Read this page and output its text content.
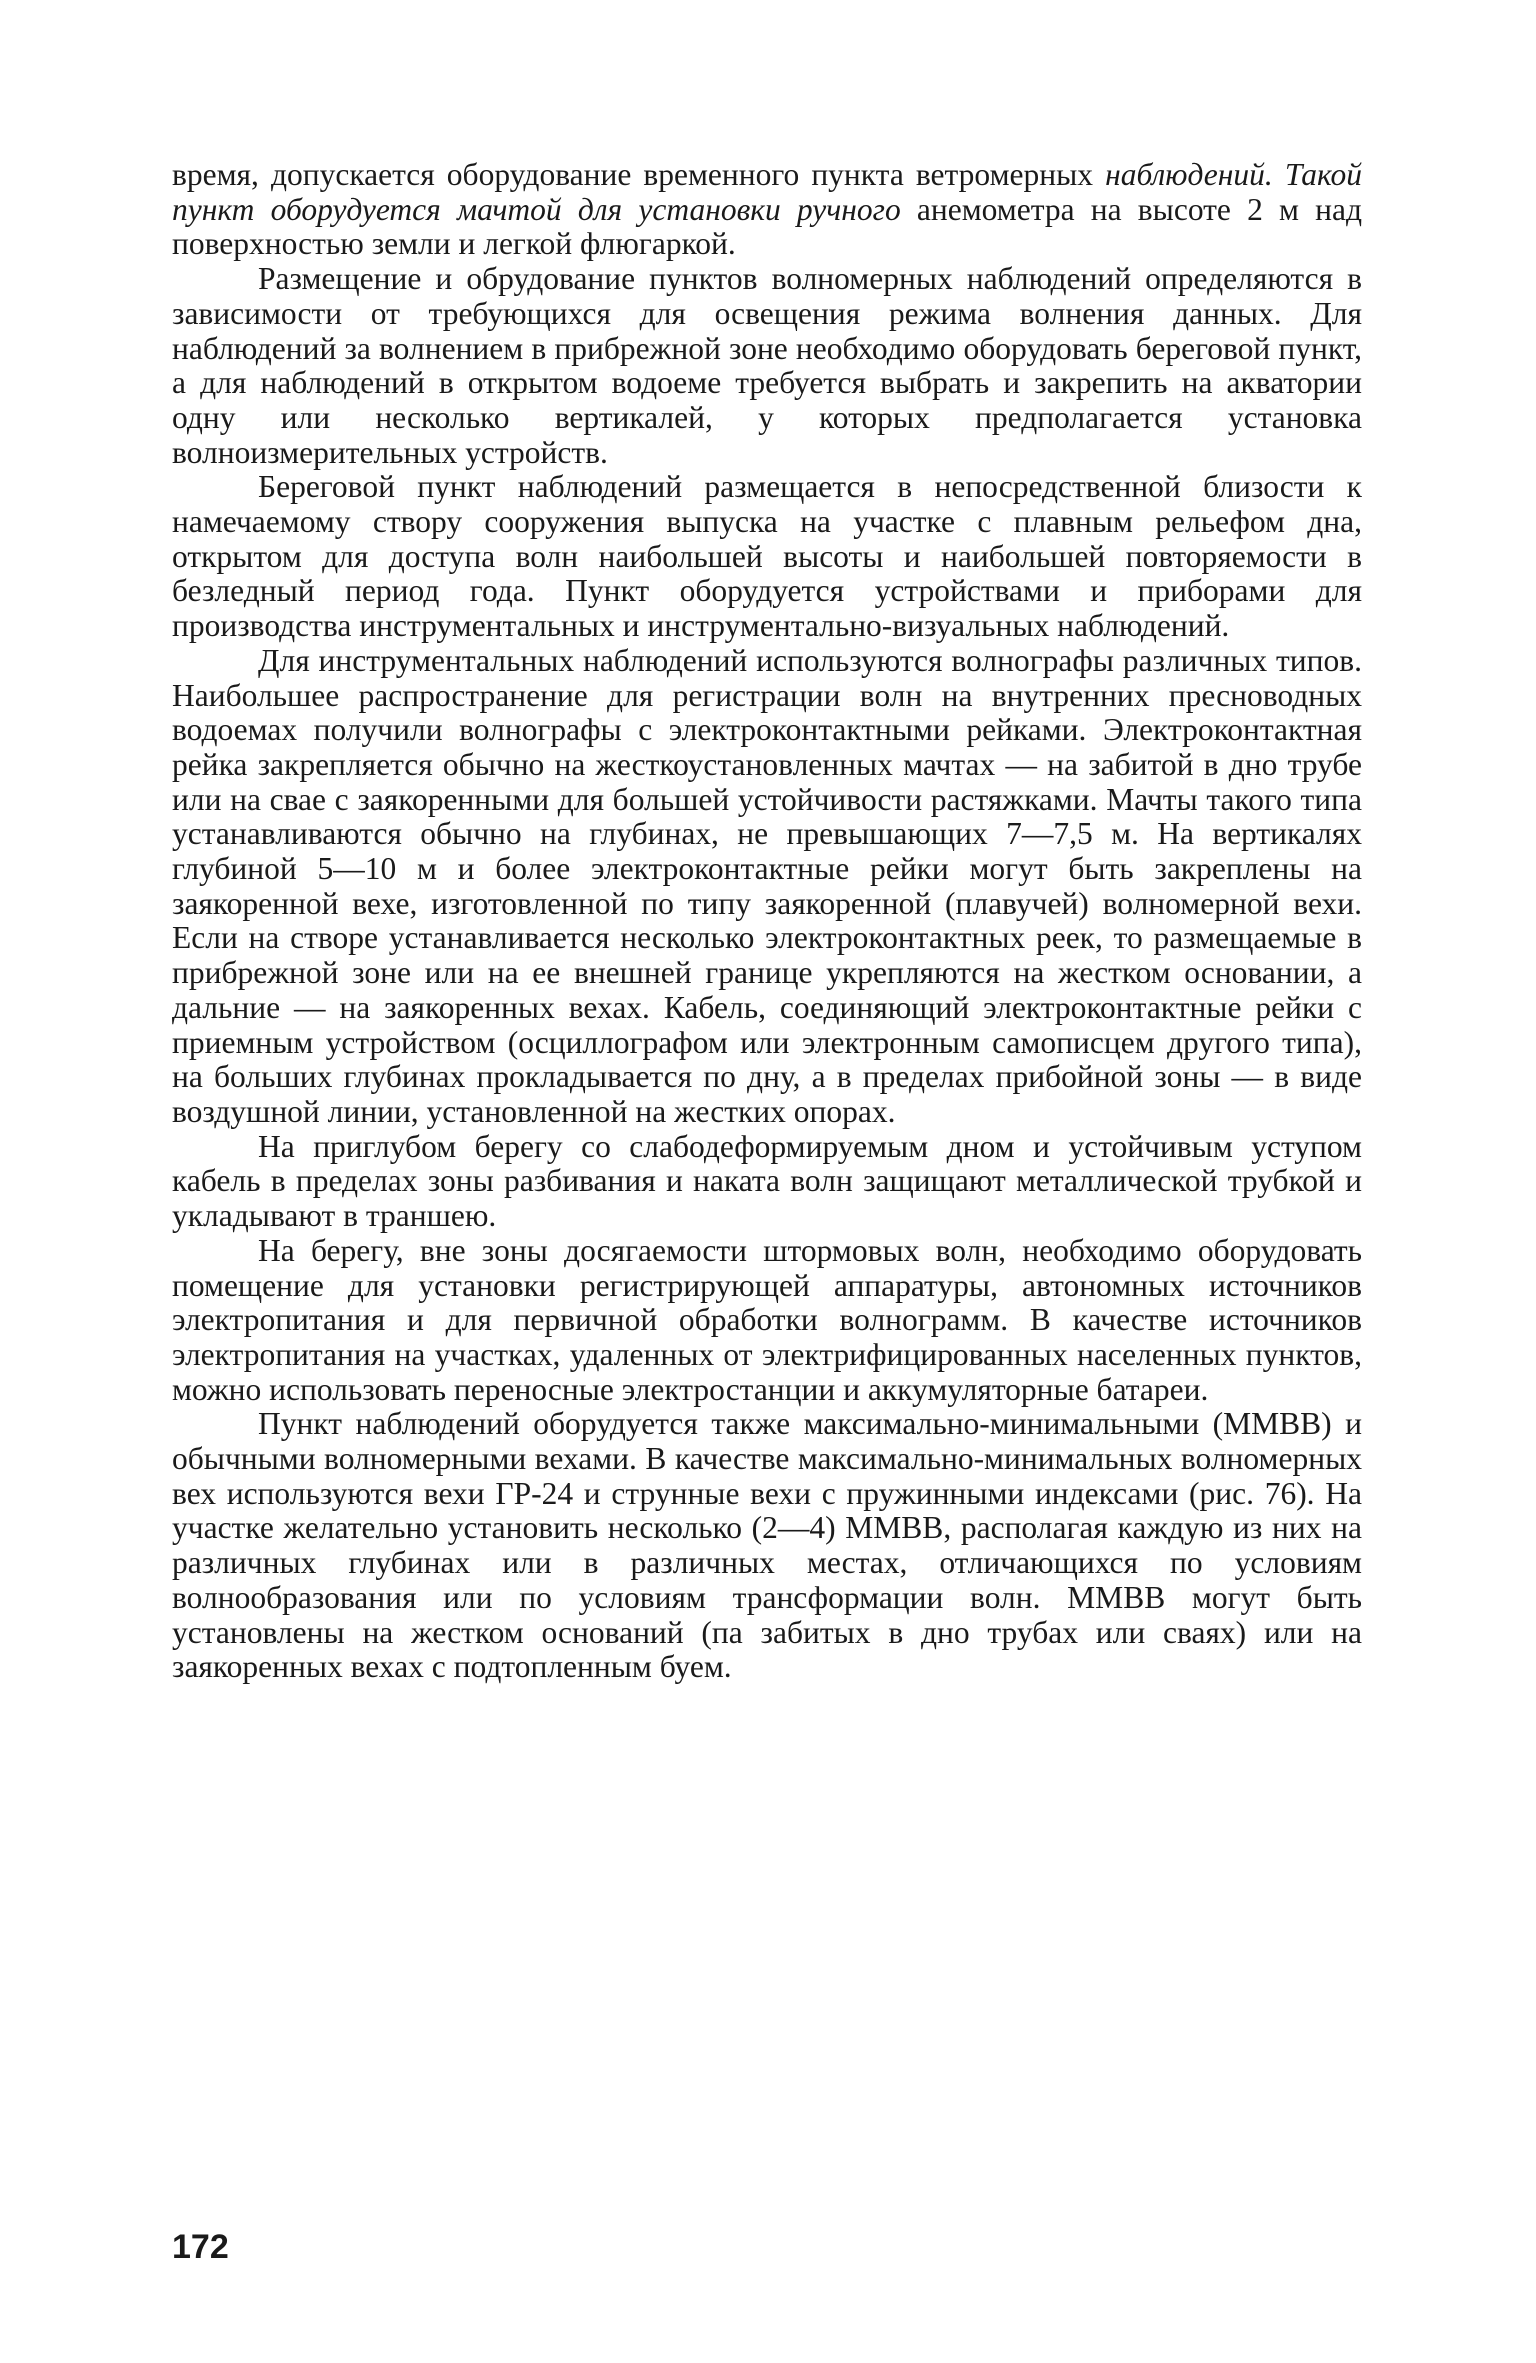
время, допускается оборудование временного пункта ветромерных наблюдений. Такой пункт оборудуется мачтой для установки ручного анемометра на высоте 2 м над поверхностью земли и легкой флюгаркой.

Размещение и обрудование пунктов волномерных наблюдений определяются в зависимости от требующихся для освещения режима волнения данных. Для наблюдений за волнением в прибрежной зоне необходимо оборудовать береговой пункт, а для наблюдений в открытом водоеме требуется выбрать и закрепить на акватории одну или несколько вертикалей, у которых предполагается установка волноизмерительных устройств.

Береговой пункт наблюдений размещается в непосредственной близости к намечаемому створу сооружения выпуска на участке с плавным рельефом дна, открытом для доступа волн наибольшей высоты и наибольшей повторяемости в безледный период года. Пункт оборудуется устройствами и приборами для производства инструментальных и инструментально-визуальных наблюдений.

Для инструментальных наблюдений используются волнографы различных типов. Наибольшее распространение для регистрации волн на внутренних пресноводных водоемах получили волнографы с электроконтактными рейками. Электроконтактная рейка закрепляется обычно на жесткоустановленных мачтах — на забитой в дно трубе или на свае с заякоренными для большей устойчивости растяжками. Мачты такого типа устанавливаются обычно на глубинах, не превышающих 7—7,5 м. На вертикалях глубиной 5—10 м и более электроконтактные рейки могут быть закреплены на заякоренной вехе, изготовленной по типу заякоренной (плавучей) волномерной вехи. Если на створе устанавливается несколько электроконтактных реек, то размещаемые в прибрежной зоне или на ее внешней границе укрепляются на жестком основании, а дальние — на заякоренных вехах. Кабель, соединяющий электроконтактные рейки с приемным устройством (осциллографом или электронным самописцем другого типа), на больших глубинах прокладывается по дну, а в пределах прибойной зоны — в виде воздушной линии, установленной на жестких опорах.

На приглубом берегу со слабодеформируемым дном и устойчивым уступом кабель в пределах зоны разбивания и наката волн защищают металлической трубкой и укладывают в траншею.

На берегу, вне зоны досягаемости штормовых волн, необходимо оборудовать помещение для установки регистрирующей аппаратуры, автономных источников электропитания и для первичной обработки волнограмм. В качестве источников электропитания на участках, удаленных от электрифицированных населенных пунктов, можно использовать переносные электростанции и аккумуляторные батареи.

Пункт наблюдений оборудуется также максимально-минимальными (ММВВ) и обычными волномерными вехами. В качестве максимально-минимальных волномерных вех используются вехи ГР-24 и струнные вехи с пружинными индексами (рис. 76). На участке желательно установить несколько (2—4) ММВВ, располагая каждую из них на различных глубинах или в различных местах, отличающихся по условиям волнообразования или по условиям трансформации волн. ММВВ могут быть установлены на жестком оснований (па забитых в дно трубах или сваях) или на заякоренных вехах с подтопленным буем.

172
